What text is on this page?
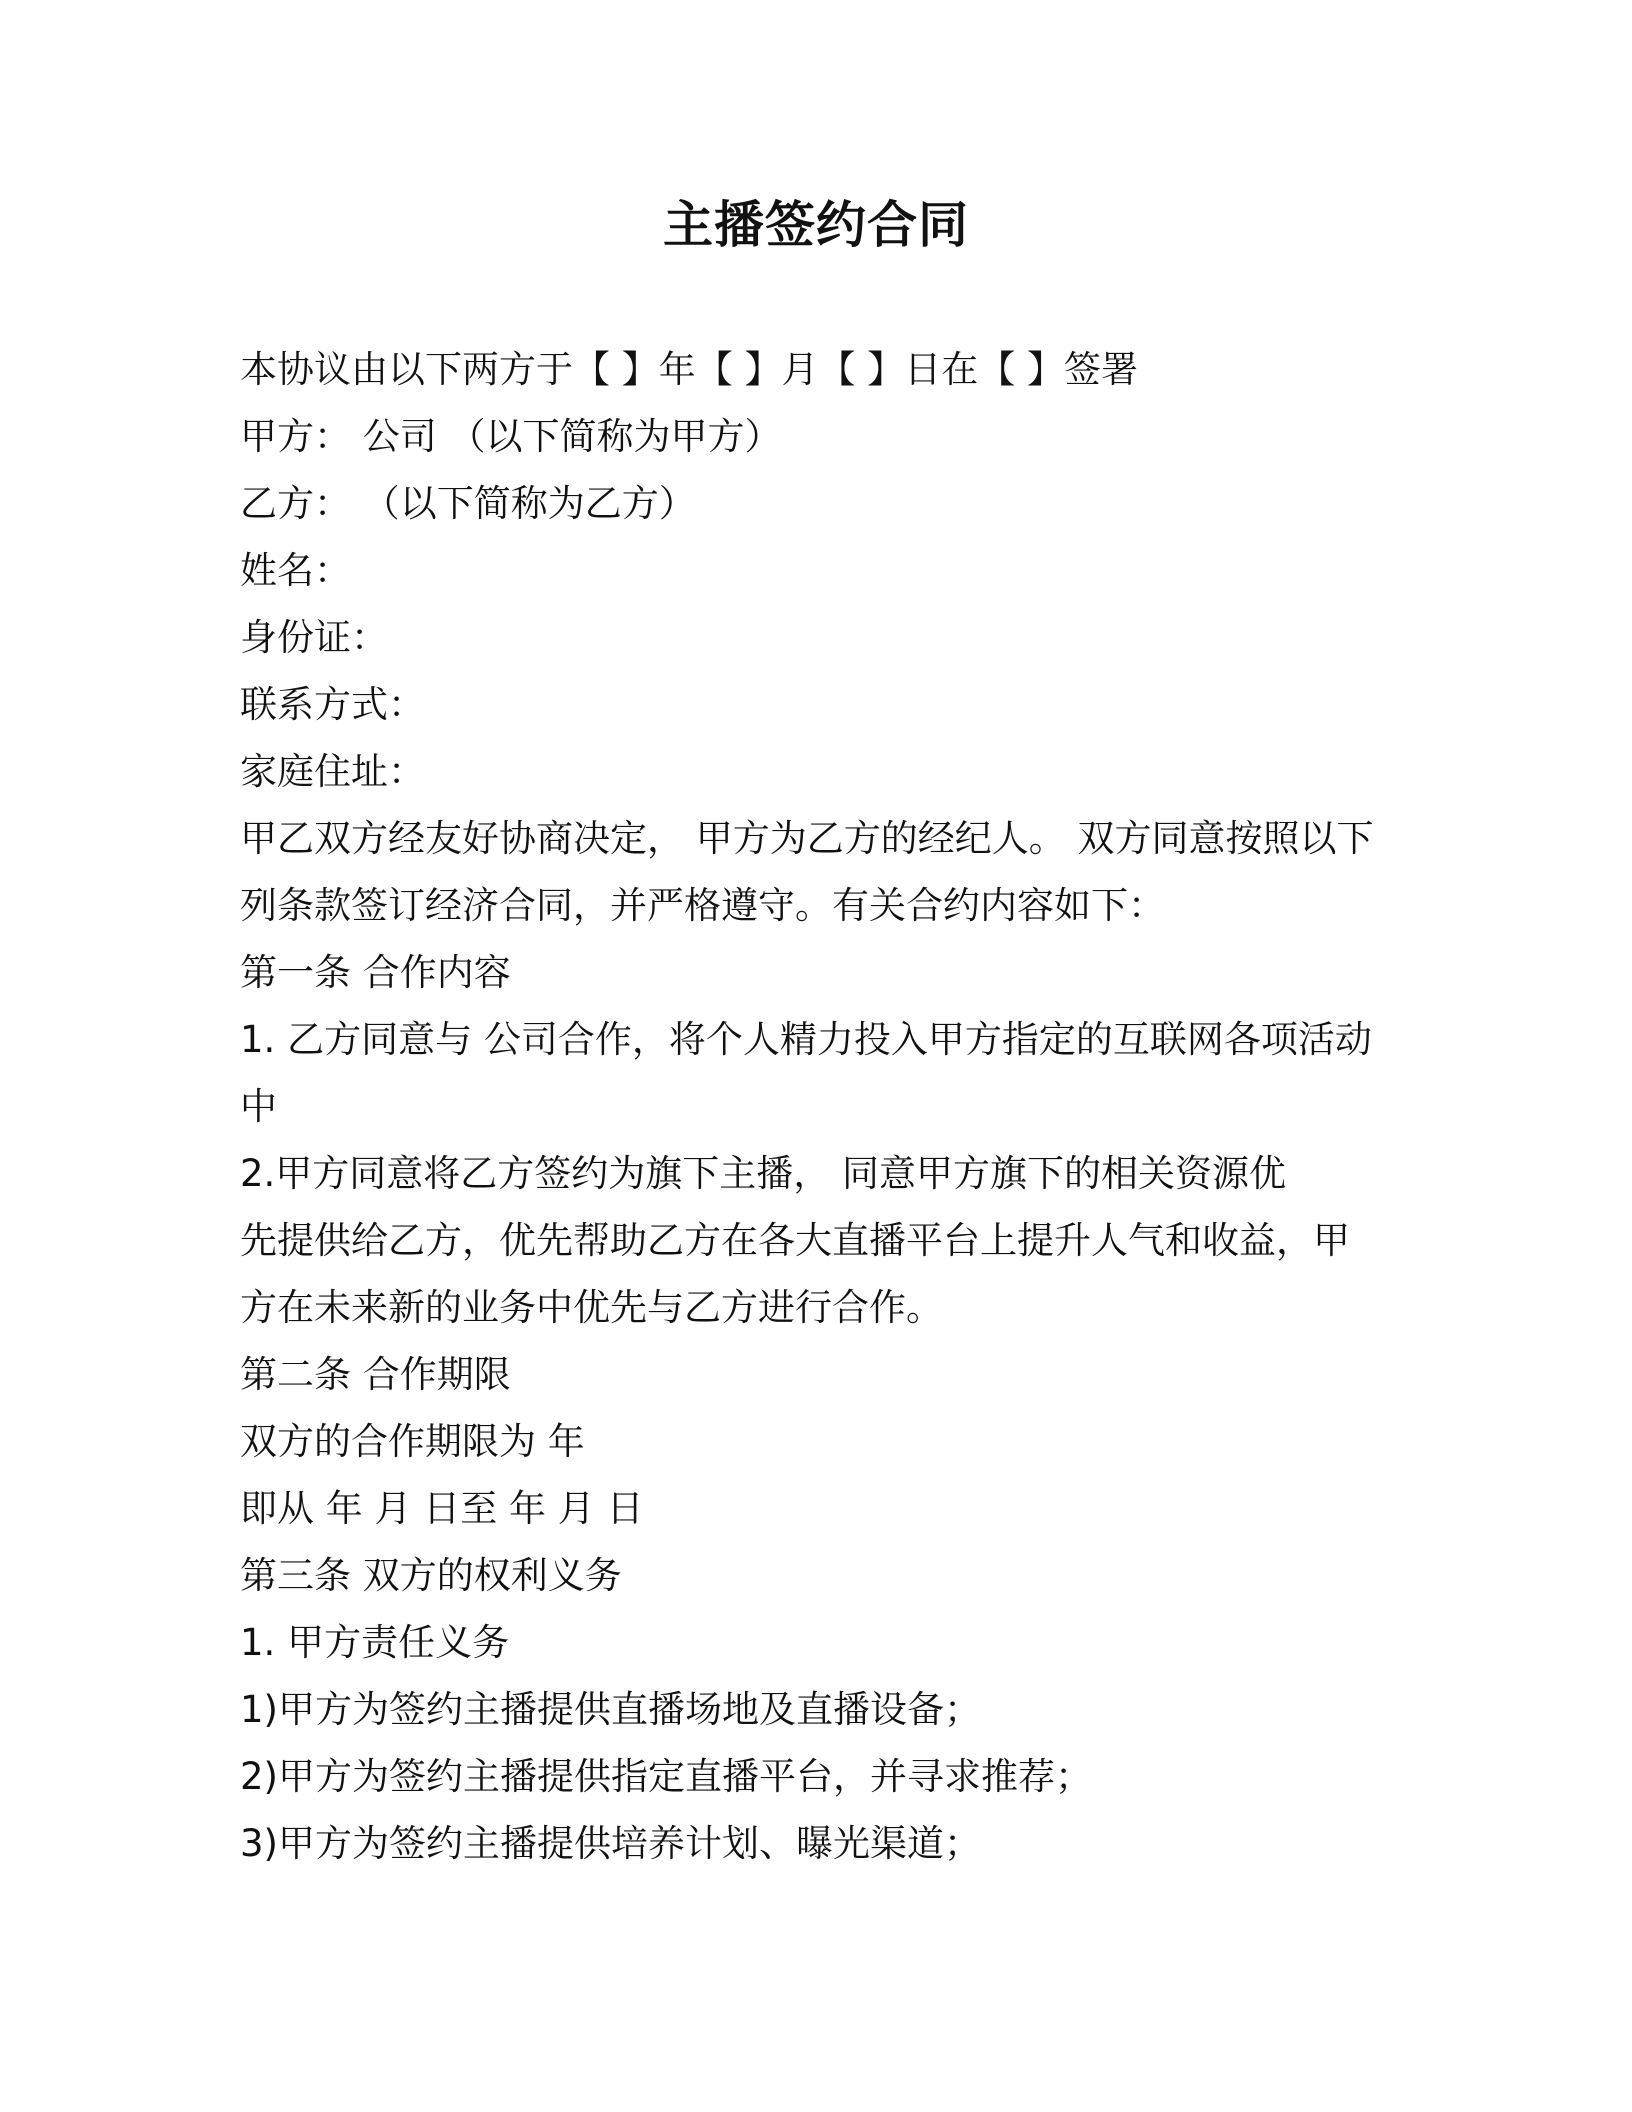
主播签约合同
本协议由以下两方于【 】年【 】月【 】日在【 】签署
甲方： 公司 （以下简称为甲方）
乙方： （以下简称为乙方）
姓名：
身份证：
联系方式：
家庭住址：
甲乙双方经友好协商决定， 甲方为乙方的经纪人。 双方同意按照以下
列条款签订经济合同，并严格遵守。有关合约内容如下：
第一条 合作内容
1. 乙方同意与 公司合作，将个人精力投入甲方指定的互联网各项活动
中
2.甲方同意将乙方签约为旗下主播， 同意甲方旗下的相关资源优
先提供给乙方，优先帮助乙方在各大直播平台上提升人气和收益，甲
方在未来新的业务中优先与乙方进行合作。
第二条 合作期限
双方的合作期限为 年
即从 年 月 日至 年 月 日
第三条 双方的权利义务
1. 甲方责任义务
1)甲方为签约主播提供直播场地及直播设备；
2)甲方为签约主播提供指定直播平台，并寻求推荐；
3)甲方为签约主播提供培养计划、曝光渠道；
